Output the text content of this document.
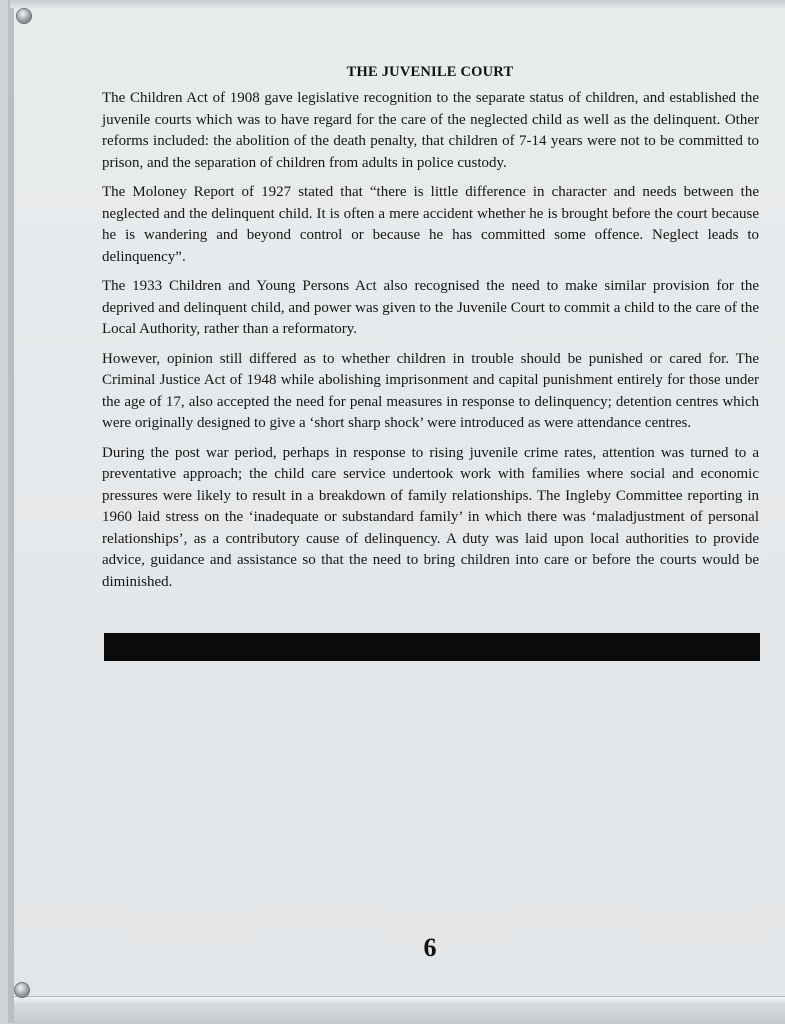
THE JUVENILE COURT

The Children Act of 1908 gave legislative recognition to the separate status of children, and established the juvenile courts which was to have regard for the care of the neglected child as well as the delinquent. Other reforms included: the abolition of the death penalty, that children of 7-14 years were not to be committed to prison, and the separation of children from adults in police custody.

The Moloney Report of 1927 stated that “there is little difference in character and needs between the neglected and the delinquent child. It is often a mere accident whether he is brought before the court because he is wandering and beyond control or because he has committed some offence. Neglect leads to delinquency”.

The 1933 Children and Young Persons Act also recognised the need to make similar provision for the deprived and delinquent child, and power was given to the Juvenile Court to commit a child to the care of the Local Authority, rather than a reformatory.

However, opinion still differed as to whether children in trouble should be punished or cared for. The Criminal Justice Act of 1948 while abolishing imprisonment and capital punishment entirely for those under the age of 17, also accepted the need for penal measures in response to delinquency; detention centres which were originally designed to give a ‘short sharp shock’ were introduced as were attendance centres.

During the post war period, perhaps in response to rising juvenile crime rates, attention was turned to a preventative approach; the child care service undertook work with families where social and economic pressures were likely to result in a breakdown of family relationships. The Ingleby Committee reporting in 1960 laid stress on the ‘inadequate or substandard family’ in which there was ‘maladjustment of personal relationships’, as a contributory cause of delinquency. A duty was laid upon local authorities to provide advice, guidance and assistance so that the need to bring children into care or before the courts would be diminished.

6
